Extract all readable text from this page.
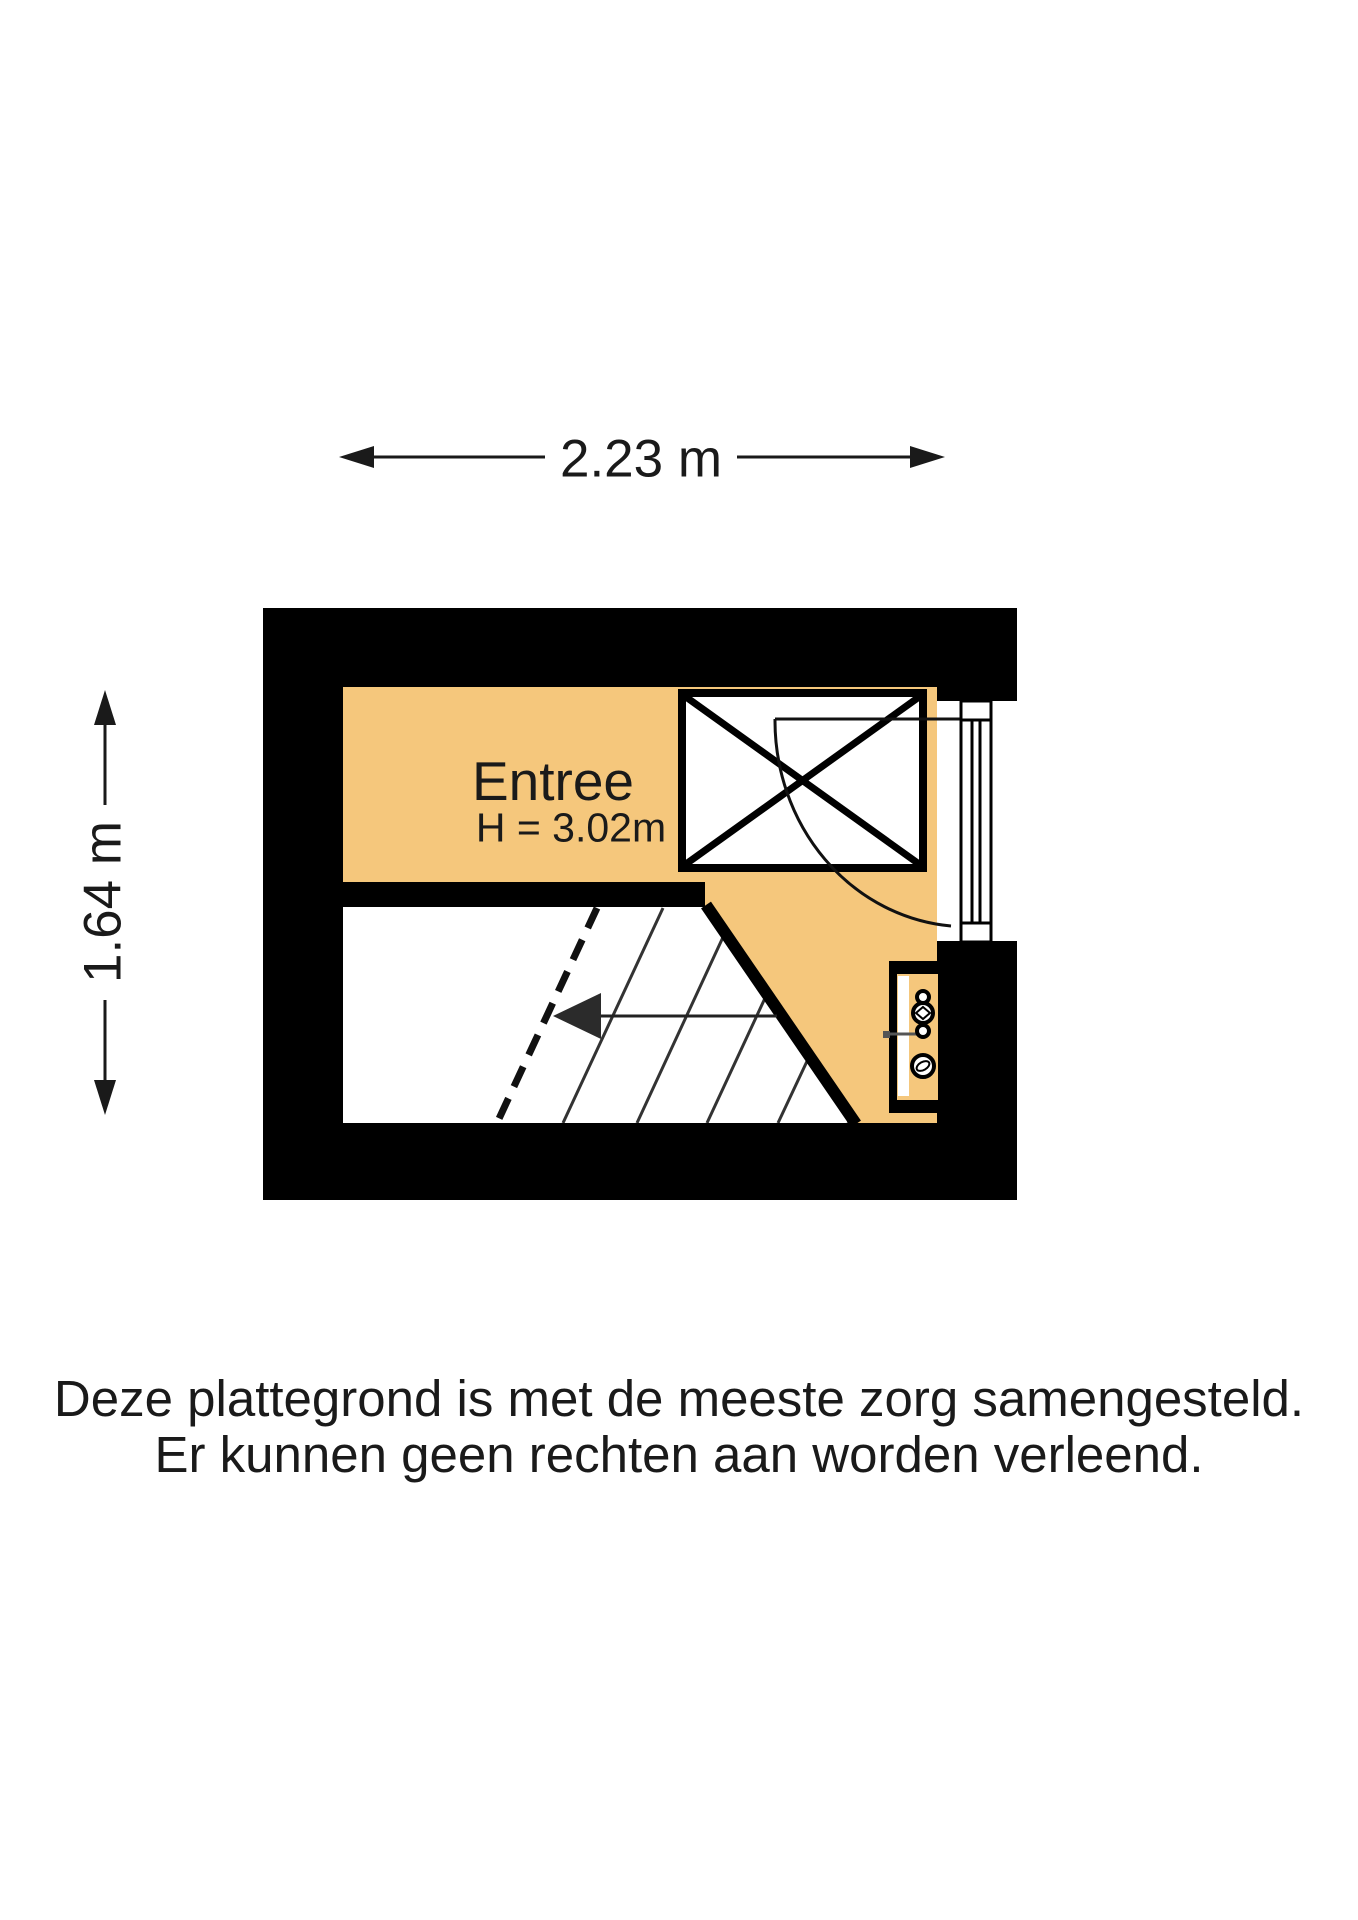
2.23 m
1.64 m
Entree
H = 3.02m
Deze plattegrond is met de meeste zorg samengesteld.
Er kunnen geen rechten aan worden verleend.
